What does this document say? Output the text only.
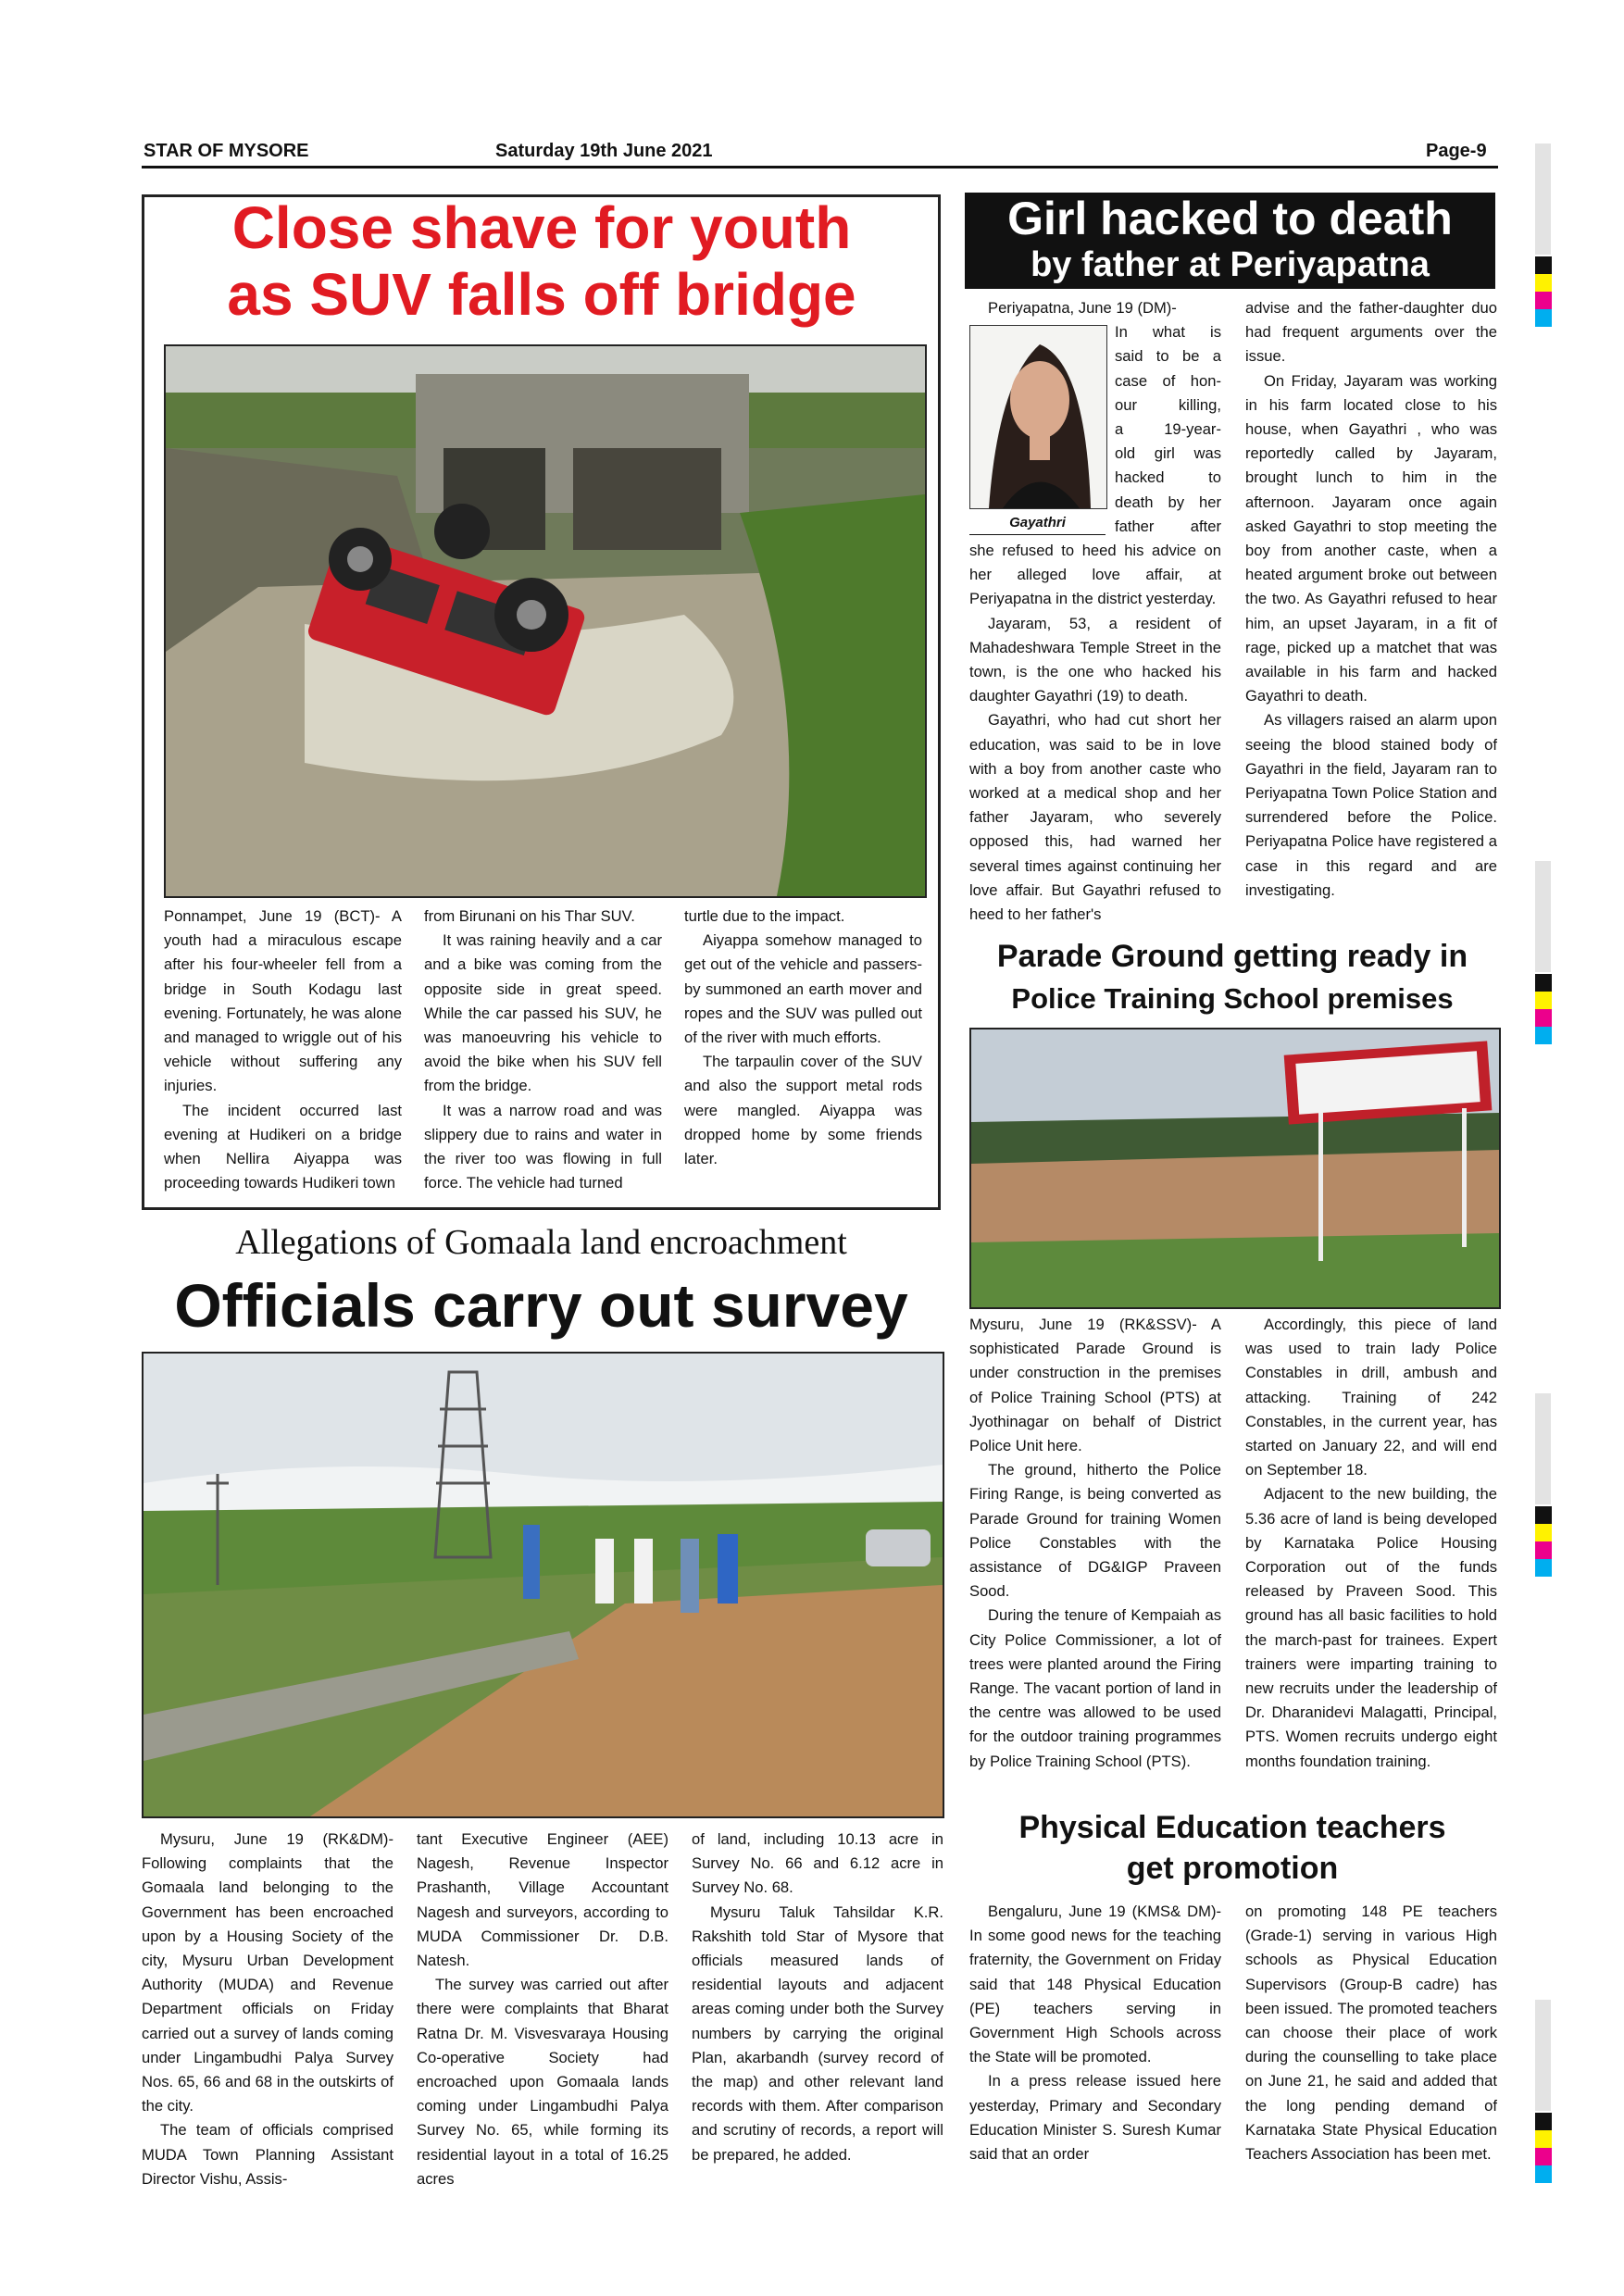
STAR OF MYSORE	Saturday 19th June 2021	Page-9
Close shave for youth
as SUV falls off bridge

Ponnampet, June 19 (BCT)- A youth had a miraculous escape after his four-wheeler fell from a bridge in South Kodagu last evening. Fortunately, he was alone and managed to wriggle out of his vehicle without suffering any injuries.

The incident occurred last evening at Hudikeri on a bridge when Nellira Aiyappa was proceeding towards Hudikeri town

from Birunani on his Thar SUV.

It was raining heavily and a car and a bike was coming from the opposite side in great speed. While the car passed his SUV, he was manoeuvring his vehicle to avoid the bike when his SUV fell from the bridge.

It was a narrow road and was slippery due to rains and water in the river too was flowing in full force. The vehicle had turned

turtle due to the impact.

Aiyappa somehow managed to get out of the vehicle and passers-by summoned an earth mover and ropes and the SUV was pulled out of the river with much efforts.

The tarpaulin cover of the SUV and also the support metal rods were mangled. Aiyappa was dropped home by some friends later.

Allegations of Gomaala land encroachment
Officials carry out survey

Mysuru, June 19 (RK&DM)- Following complaints that the Gomaala land belonging to the Government has been encroached upon by a Housing Society of the city, Mysuru Urban Development Authority (MUDA) and Revenue Department officials on Friday carried out a survey of lands coming under Lingambudhi Palya Survey Nos. 65, 66 and 68 in the outskirts of the city.

The team of officials comprised MUDA Town Planning Assistant Director Vishu, Assis-

tant Executive Engineer (AEE) Nagesh, Revenue Inspector Prashanth, Village Accountant Nagesh and surveyors, according to MUDA Commissioner Dr. D.B. Natesh.

The survey was carried out after there were complaints that Bharat Ratna Dr. M. Visvesvaraya Housing Co-operative Society had encroached upon Gomaala lands coming under Lingambudhi Palya Survey No. 65, while forming its residential layout in a total of 16.25 acres

of land, including 10.13 acre in Survey No. 66 and 6.12 acre in Survey No. 68.

Mysuru Taluk Tahsildar K.R. Rakshith told Star of Mysore that officials measured lands of residential layouts and adjacent areas coming under both the Survey numbers by carrying the original Plan, akarbandh (survey record of the map) and other relevant land records with them. After comparison and scrutiny of records, a report will be prepared, he added.

Girl hacked to death
by father at Periyapatna
Gayathri
Periyapatna, June 19 (DM)-
In what is
said to be a
case of hon-
our killing,
a 19-year-
old girl was
hacked to
death by her
father after

she refused to heed his advice on her alleged love affair, at Periyapatna in the district yesterday.

Jayaram, 53, a resident of Mahadeshwara Temple Street in the town, is the one who hacked his daughter Gayathri (19) to death.

Gayathri, who had cut short her education, was said to be in love with a boy from another caste who worked at a medical shop and her father Jayaram, who severely opposed this, had warned her several times against continuing her love affair. But Gayathri refused to heed to her father's

advise and the father-daughter duo had frequent arguments over the issue.

On Friday, Jayaram was working in his farm located close to his house, when Gayathri , who was reportedly called by Jayaram, brought lunch to him in the afternoon. Jayaram once again asked Gayathri to stop meeting the boy from another caste, when a heated argument broke out between the two. As Gayathri refused to hear him, an upset Jayaram, in a fit of rage, picked up a matchet that was available in his farm and hacked Gayathri to death.

As villagers raised an alarm upon seeing the blood stained body of Gayathri in the field, Jayaram ran to Periyapatna Town Police Station and surrendered before the Police. Periyapatna Police have registered a case in this regard and are investigating.

Parade Ground getting ready in
Police Training School premises

Mysuru, June 19 (RK&SSV)- A sophisticated Parade Ground is under construction in the premises of Police Training School (PTS) at Jyothinagar on behalf of District Police Unit here.

The ground, hitherto the Police Firing Range, is being converted as Parade Ground for training Women Police Constables with the assistance of DG&IGP Praveen Sood.

During the tenure of Kempaiah as City Police Commissioner, a lot of trees were planted around the Firing Range. The vacant portion of land in the centre was allowed to be used for the outdoor training programmes by Police Training School (PTS).

Accordingly, this piece of land was used to train lady Police Constables in drill, ambush and attacking. Training of 242 Constables, in the current year, has started on January 22, and will end on September 18.

Adjacent to the new building, the 5.36 acre of land is being developed by Karnataka Police Housing Corporation out of the funds released by Praveen Sood. This ground has all basic facilities to hold the march-past for trainees. Expert trainers were imparting training to new recruits under the leadership of Dr. Dharanidevi Malagatti, Principal, PTS. Women recruits undergo eight months foundation training.

Physical Education teachers
get promotion

Bengaluru, June 19 (KMS& DM)- In some good news for the teaching fraternity, the Government on Friday said that 148 Physical Education (PE) teachers serving in Government High Schools across the State will be promoted.

In a press release issued here yesterday, Primary and Secondary Education Minister S. Suresh Kumar said that an order

on promoting 148 PE teachers (Grade-1) serving in various High schools as Physical Education Supervisors (Group-B cadre) has been issued. The promoted teachers can choose their place of work during the counselling to take place on June 21, he said and added that the long pending demand of Karnataka State Physical Education Teachers Association has been met.
